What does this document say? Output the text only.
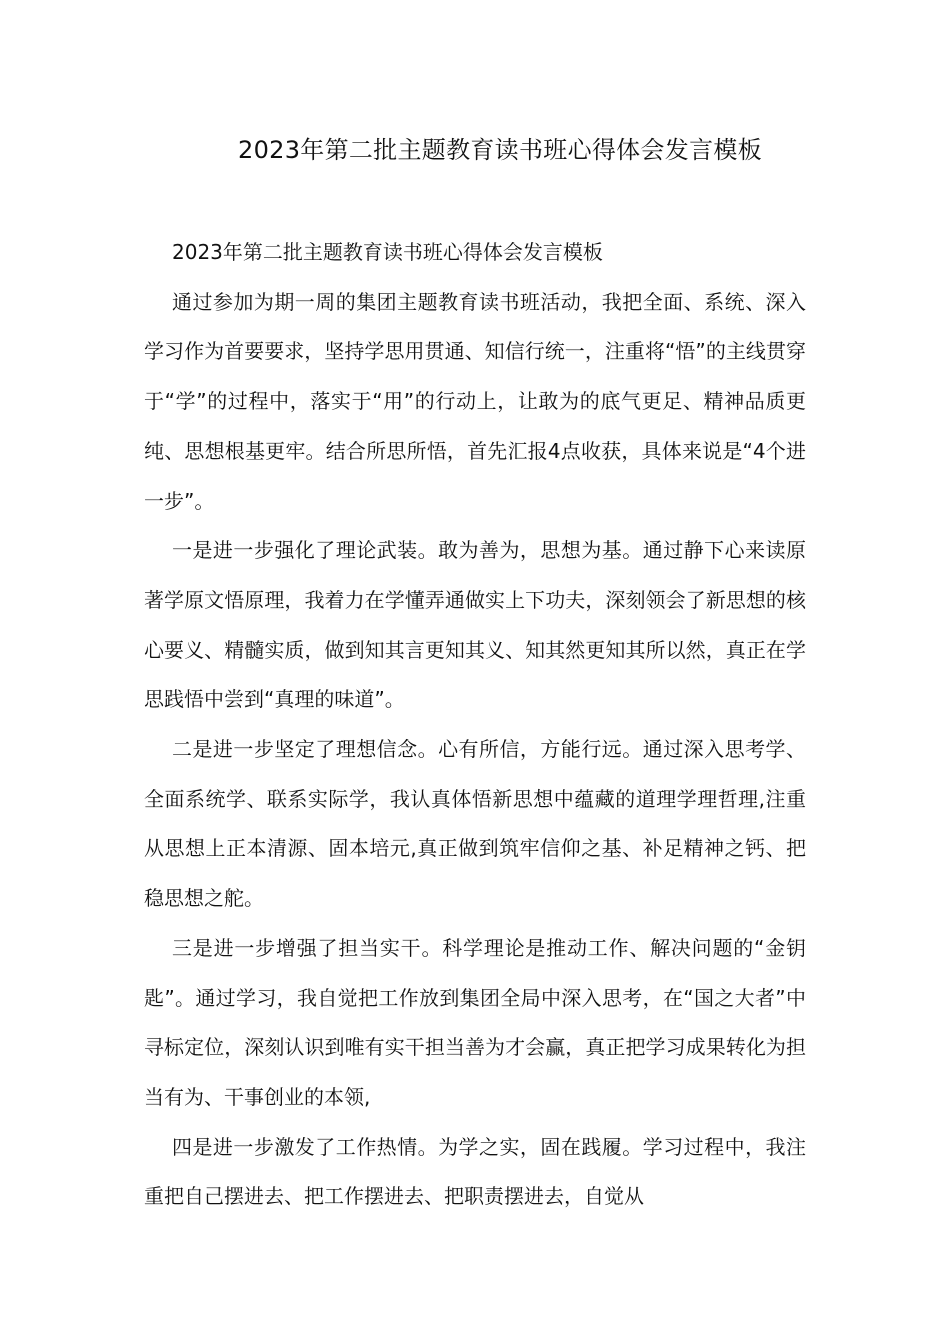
2023年第二批主题教育读书班心得体会发言模板

2023年第二批主题教育读书班心得体会发言模板

通过参加为期一周的集团主题教育读书班活动，我把全面、系统、深入学习作为首要要求，坚持学思用贯通、知信行统一，注重将“悟”的主线贯穿于“学”的过程中，落实于“用”的行动上，让敢为的底气更足、精神品质更纯、思想根基更牢。结合所思所悟，首先汇报4点收获，具体来说是“4个进一步”。

一是进一步强化了理论武装。敢为善为，思想为基。通过静下心来读原著学原文悟原理，我着力在学懂弄通做实上下功夫，深刻领会了新思想的核心要义、精髓实质，做到知其言更知其义、知其然更知其所以然，真正在学思践悟中尝到“真理的味道”。

二是进一步坚定了理想信念。心有所信，方能行远。通过深入思考学、全面系统学、联系实际学，我认真体悟新思想中蕴藏的道理学理哲理,注重从思想上正本清源、固本培元,真正做到筑牢信仰之基、补足精神之钙、把稳思想之舵。

三是进一步增强了担当实干。科学理论是推动工作、解决问题的“金钥匙”。通过学习，我自觉把工作放到集团全局中深入思考，在“国之大者”中寻标定位，深刻认识到唯有实干担当善为才会赢，真正把学习成果转化为担当有为、干事创业的本领,

四是进一步激发了工作热情。为学之实，固在践履。学习过程中，我注重把自己摆进去、把工作摆进去、把职责摆进去，自觉从
